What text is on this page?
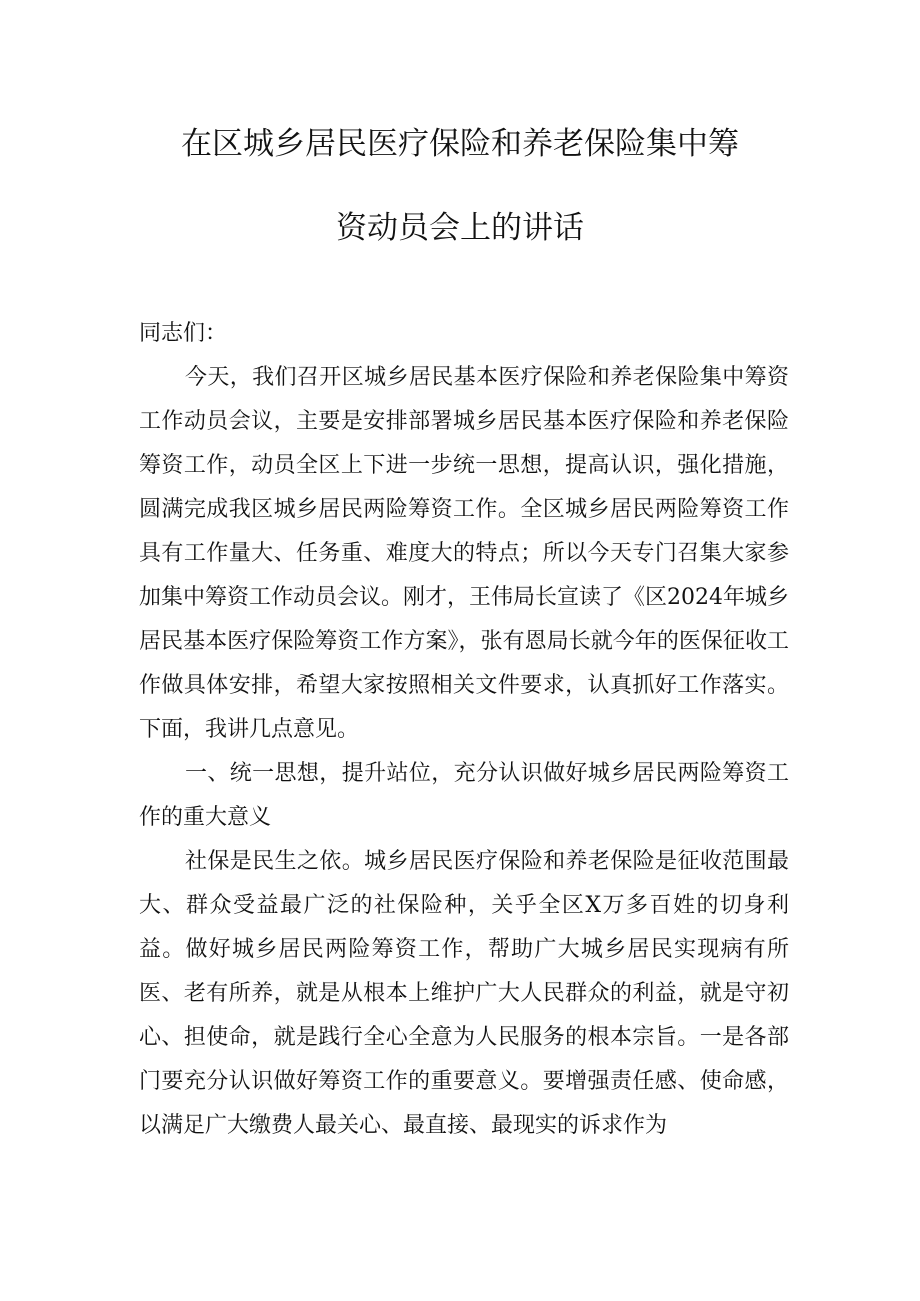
在区城乡居民医疗保险和养老保险集中筹
资动员会上的讲话

同志们：

今天，我们召开区城乡居民基本医疗保险和养老保险集中筹资工作动员会议，主要是安排部署城乡居民基本医疗保险和养老保险筹资工作，动员全区上下进一步统一思想，提高认识，强化措施，圆满完成我区城乡居民两险筹资工作。全区城乡居民两险筹资工作具有工作量大、任务重、难度大的特点；所以今天专门召集大家参加集中筹资工作动员会议。刚才，王伟局长宣读了《区2024年城乡居民基本医疗保险筹资工作方案》，张有恩局长就今年的医保征收工作做具体安排，希望大家按照相关文件要求，认真抓好工作落实。下面，我讲几点意见。

一、统一思想，提升站位，充分认识做好城乡居民两险筹资工作的重大意义

社保是民生之依。城乡居民医疗保险和养老保险是征收范围最大、群众受益最广泛的社保险种，关乎全区X万多百姓的切身利益。做好城乡居民两险筹资工作，帮助广大城乡居民实现病有所医、老有所养，就是从根本上维护广大人民群众的利益，就是守初心、担使命，就是践行全心全意为人民服务的根本宗旨。一是各部门要充分认识做好筹资工作的重要意义。要增强责任感、使命感，以满足广大缴费人最关心、最直接、最现实的诉求作为
